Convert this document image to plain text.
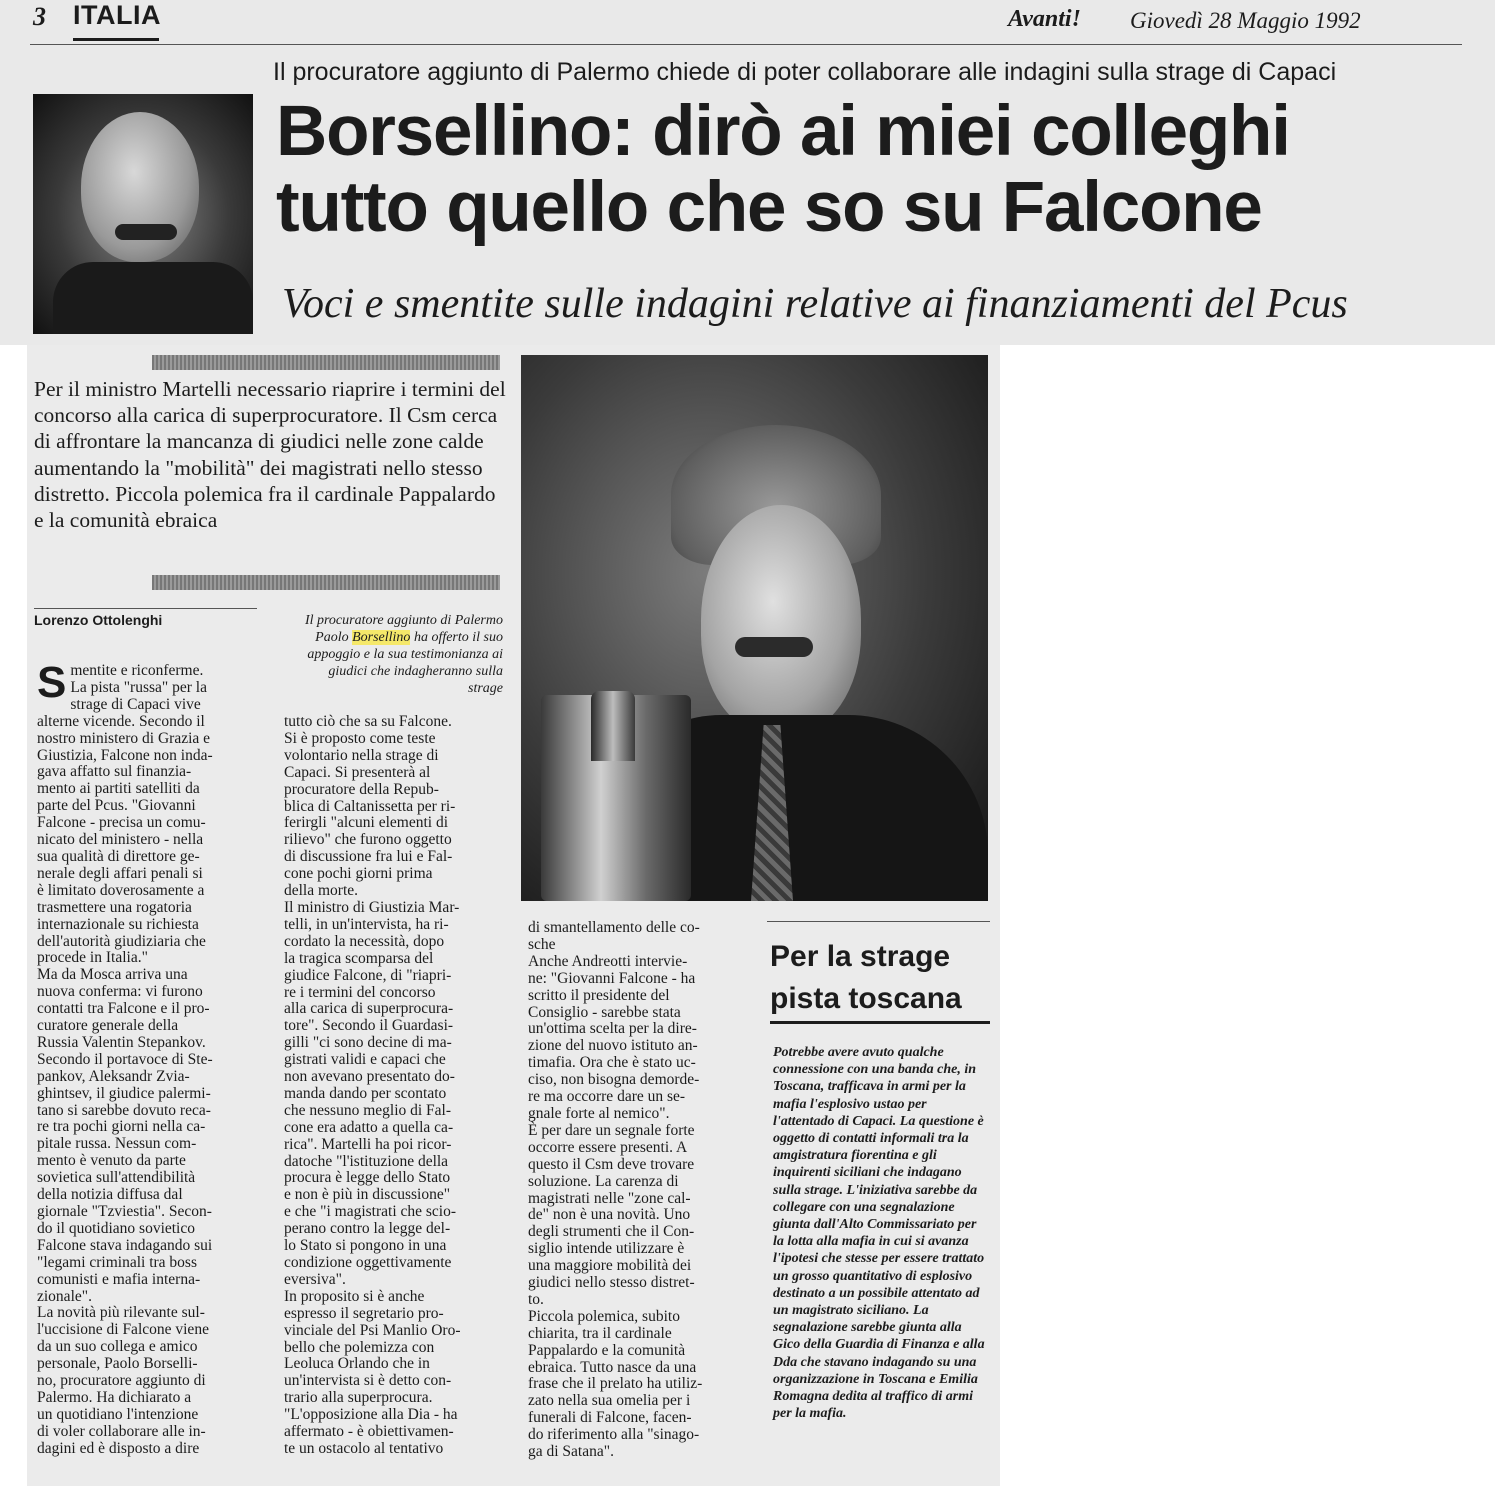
3 ITALIA	Avanti! Giovedì 28 Maggio 1992
Il procuratore aggiunto di Palermo chiede di poter collaborare alle indagini sulla strage di Capaci
Borsellino: dirò ai miei colleghi
tutto quello che so su Falcone
Voci e smentite sulle indagini relative ai finanziamenti del Pcus
Per il ministro Martelli necessario riaprire i termini del concorso alla carica di superprocuratore. Il Csm cerca di affrontare la mancanza di giudici nelle zone calde aumentando la "mobilità" dei magistrati nello stesso distretto. Piccola polemica fra il cardinale Pappalardo e la comunità ebraica
Lorenzo Ottolenghi	Il procuratore aggiunto di Palermo Paolo Borsellino ha offerto il suo appoggio e la sua testimonianza ai giudici che indagheranno sulla strage
Smentite e riconferme.
La pista "russa" per la
strage di Capaci vive
alterne vicende. Secondo il
nostro ministero di Grazia e
Giustizia, Falcone non inda-
gava affatto sul finanzia-
mento ai partiti satelliti da
parte del Pcus. "Giovanni
Falcone - precisa un comu-
nicato del ministero - nella
sua qualità di direttore ge-
nerale degli affari penali si
è limitato doverosamente a
trasmettere una rogatoria
internazionale su richiesta
dell'autorità giudiziaria che
procede in Italia."
Ma da Mosca arriva una
nuova conferma: vi furono
contatti tra Falcone e il pro-
curatore generale della
Russia Valentin Stepankov.
Secondo il portavoce di Ste-
pankov, Aleksandr Zvia-
ghintsev, il giudice palermi-
tano si sarebbe dovuto reca-
re tra pochi giorni nella ca-
pitale russa. Nessun com-
mento è venuto da parte
sovietica sull'attendibilità
della notizia diffusa dal
giornale "Tzviestia". Secon-
do il quotidiano sovietico
Falcone stava indagando sui
"legami criminali tra boss
comunisti e mafia interna-
zionale".
La novità più rilevante sul-
l'uccisione di Falcone viene
da un suo collega e amico
personale, Paolo Borselli-
no, procuratore aggiunto di
Palermo. Ha dichiarato a
un quotidiano l'intenzione
di voler collaborare alle in-
dagini ed è disposto a dire
tutto ciò che sa su Falcone.
Si è proposto come teste
volontario nella strage di
Capaci. Si presenterà al
procuratore della Repub-
blica di Caltanissetta per ri-
ferirgli "alcuni elementi di
rilievo" che furono oggetto
di discussione fra lui e Fal-
cone pochi giorni prima
della morte.
Il ministro di Giustizia Mar-
telli, in un'intervista, ha ri-
cordato la necessità, dopo
la tragica scomparsa del
giudice Falcone, di "riapri-
re i termini del concorso
alla carica di superprocura-
tore". Secondo il Guardasi-
gilli "ci sono decine di ma-
gistrati validi e capaci che
non avevano presentato do-
manda dando per scontato
che nessuno meglio di Fal-
cone era adatto a quella ca-
rica". Martelli ha poi ricor-
datoche "l'istituzione della
procura è legge dello Stato
e non è più in discussione"
e che "i magistrati che scio-
perano contro la legge del-
lo Stato si pongono in una
condizione oggettivamente
eversiva".
In proposito si è anche
espresso il segretario pro-
vinciale del Psi Manlio Oro-
bello che polemizza con
Leoluca Orlando che in
un'intervista si è detto con-
trario alla superprocura.
"L'opposizione alla Dia - ha
affermato - è obiettivamen-
te un ostacolo al tentativo
di smantellamento delle co-
sche
Anche Andreotti intervie-
ne: "Giovanni Falcone - ha
scritto il presidente del
Consiglio - sarebbe stata
un'ottima scelta per la dire-
zione del nuovo istituto an-
timafia. Ora che è stato uc-
ciso, non bisogna demorde-
re ma occorre dare un se-
gnale forte al nemico".
È per dare un segnale forte
occorre essere presenti. A
questo il Csm deve trovare
soluzione. La carenza di
magistrati nelle "zone cal-
de" non è una novità. Uno
degli strumenti che il Con-
siglio intende utilizzare è
una maggiore mobilità dei
giudici nello stesso distret-
to.
Piccola polemica, subito
chiarita, tra il cardinale
Pappalardo e la comunità
ebraica. Tutto nasce da una
frase che il prelato ha utiliz-
zato nella sua omelia per i
funerali di Falcone, facen-
do riferimento alla "sinago-
ga di Satana".
Per la strage
pista toscana
Potrebbe avere avuto qualche connessione con una banda che, in Toscana, trafficava in armi per la mafia l'esplosivo ustao per l'attentado di Capaci. La questione è oggetto di contatti informali tra la amgistratura fiorentina e gli inquirenti siciliani che indagano sulla strage. L'iniziativa sarebbe da collegare con una segnalazione giunta dall'Alto Commissariato per la lotta alla mafia in cui si avanza l'ipotesi che stesse per essere trattato un grosso quantitativo di esplosivo destinato a un possibile attentato ad un magistrato siciliano. La segnalazione sarebbe giunta alla Gico della Guardia di Finanza e alla Dda che stavano indagando su una organizzazione in Toscana e Emilia Romagna dedita al traffico di armi per la mafia.
